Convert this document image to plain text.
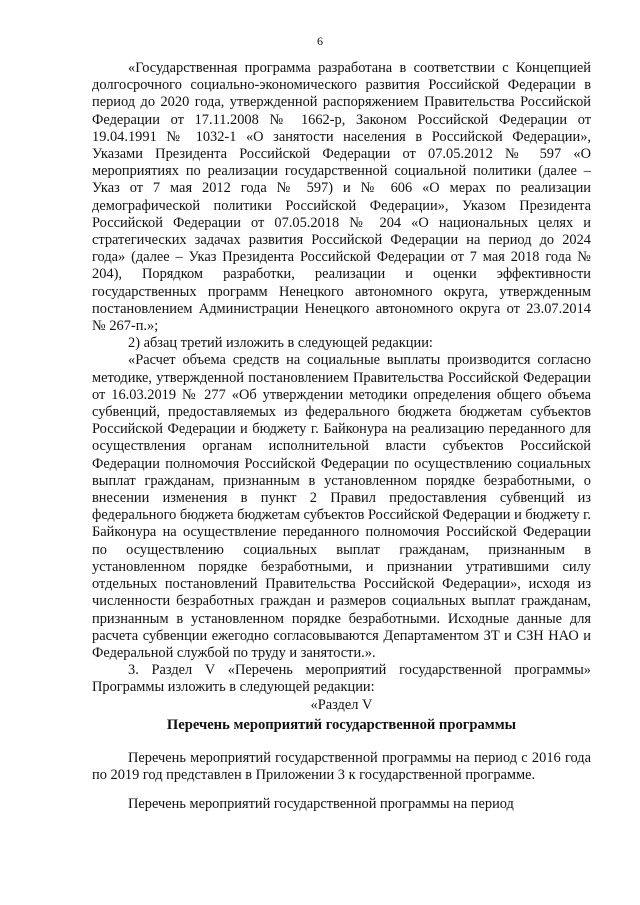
6

«Государственная программа разработана в соответствии с Концепцией долгосрочного социально-экономического развития Российской Федерации в период до 2020 года, утвержденной распоряжением Правительства Российской Федерации от 17.11.2008 № 1662-р, Законом Российской Федерации от 19.04.1991 № 1032-1 «О занятости населения в Российской Федерации», Указами Президента Российской Федерации от 07.05.2012 № 597 «О мероприятиях по реализации государственной социальной политики (далее – Указ от 7 мая 2012 года № 597) и № 606 «О мерах по реализации демографической политики Российской Федерации», Указом Президента Российской Федерации от 07.05.2018 № 204 «О национальных целях и стратегических задачах развития Российской Федерации на период до 2024 года» (далее – Указ Президента Российской Федерации от 7 мая 2018 года № 204), Порядком разработки, реализации и оценки эффективности государственных программ Ненецкого автономного округа, утвержденным постановлением Администрации Ненецкого автономного округа от 23.07.2014 № 267-п.»;

2) абзац третий изложить в следующей редакции:

«Расчет объема средств на социальные выплаты производится согласно методике, утвержденной постановлением Правительства Российской Федерации от 16.03.2019 № 277 «Об утверждении методики определения общего объема субвенций, предоставляемых из федерального бюджета бюджетам субъектов Российской Федерации и бюджету г. Байконура на реализацию переданного для осуществления органам исполнительной власти субъектов Российской Федерации полномочия Российской Федерации по осуществлению социальных выплат гражданам, признанным в установленном порядке безработными, о внесении изменения в пункт 2 Правил предоставления субвенций из федерального бюджета бюджетам субъектов Российской Федерации и бюджету г. Байконура на осуществление переданного полномочия Российской Федерации по осуществлению социальных выплат гражданам, признанным в установленном порядке безработными, и признании утратившими силу отдельных постановлений Правительства Российской Федерации», исходя из численности безработных граждан и размеров социальных выплат гражданам, признанным в установленном порядке безработными. Исходные данные для расчета субвенции ежегодно согласовываются Департаментом ЗТ и СЗН НАО и Федеральной службой по труду и занятости.».

3. Раздел V «Перечень мероприятий государственной программы» Программы изложить в следующей редакции:

«Раздел V

Перечень мероприятий государственной программы

Перечень мероприятий государственной программы на период с 2016 года по 2019 год представлен в Приложении 3 к государственной программе.

Перечень мероприятий государственной программы на период
